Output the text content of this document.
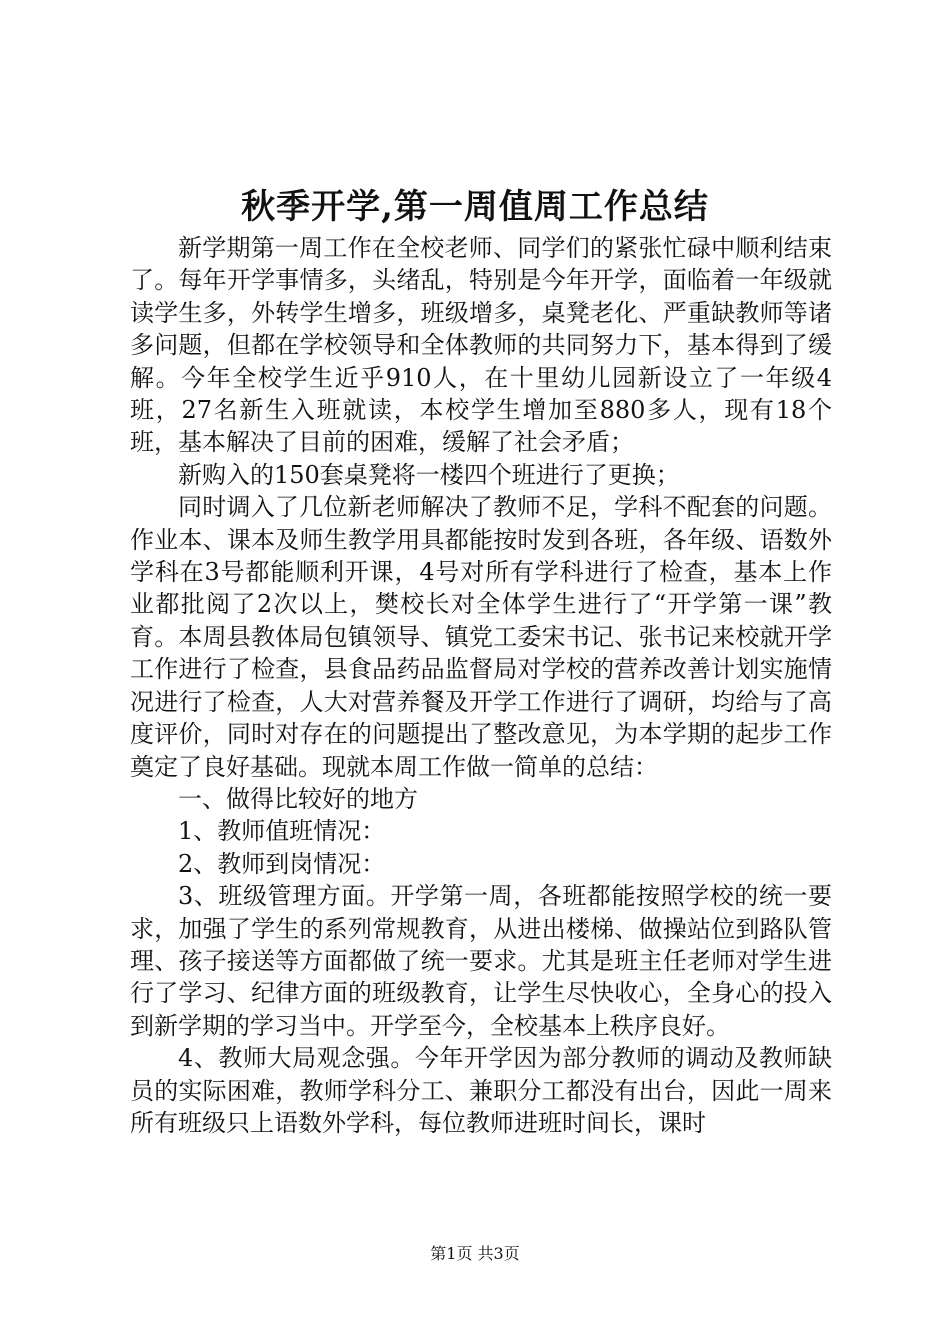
秋季开学,第一周值周工作总结

新学期第一周工作在全校老师、同学们的紧张忙碌中顺利结束了。每年开学事情多，头绪乱，特别是今年开学，面临着一年级就读学生多，外转学生增多，班级增多，桌凳老化、严重缺教师等诸多问题，但都在学校领导和全体教师的共同努力下，基本得到了缓解。今年全校学生近乎910人，在十里幼儿园新设立了一年级4班，27名新生入班就读，本校学生增加至880多人，现有18个班，基本解决了目前的困难，缓解了社会矛盾；

新购入的150套桌凳将一楼四个班进行了更换；

同时调入了几位新老师解决了教师不足，学科不配套的问题。作业本、课本及师生教学用具都能按时发到各班，各年级、语数外学科在3号都能顺利开课，4号对所有学科进行了检查，基本上作业都批阅了2次以上，樊校长对全体学生进行了“开学第一课”教育。本周县教体局包镇领导、镇党工委宋书记、张书记来校就开学工作进行了检查，县食品药品监督局对学校的营养改善计划实施情况进行了检查，人大对营养餐及开学工作进行了调研，均给与了高度评价，同时对存在的问题提出了整改意见，为本学期的起步工作奠定了良好基础。现就本周工作做一简单的总结：

一、做得比较好的地方

1、教师值班情况：

2、教师到岗情况：

3、班级管理方面。开学第一周，各班都能按照学校的统一要求，加强了学生的系列常规教育，从进出楼梯、做操站位到路队管理、孩子接送等方面都做了统一要求。尤其是班主任老师对学生进行了学习、纪律方面的班级教育，让学生尽快收心，全身心的投入到新学期的学习当中。开学至今，全校基本上秩序良好。

4、教师大局观念强。今年开学因为部分教师的调动及教师缺员的实际困难，教师学科分工、兼职分工都没有出台，因此一周来所有班级只上语数外学科，每位教师进班时间长，课时

第1页 共3页
